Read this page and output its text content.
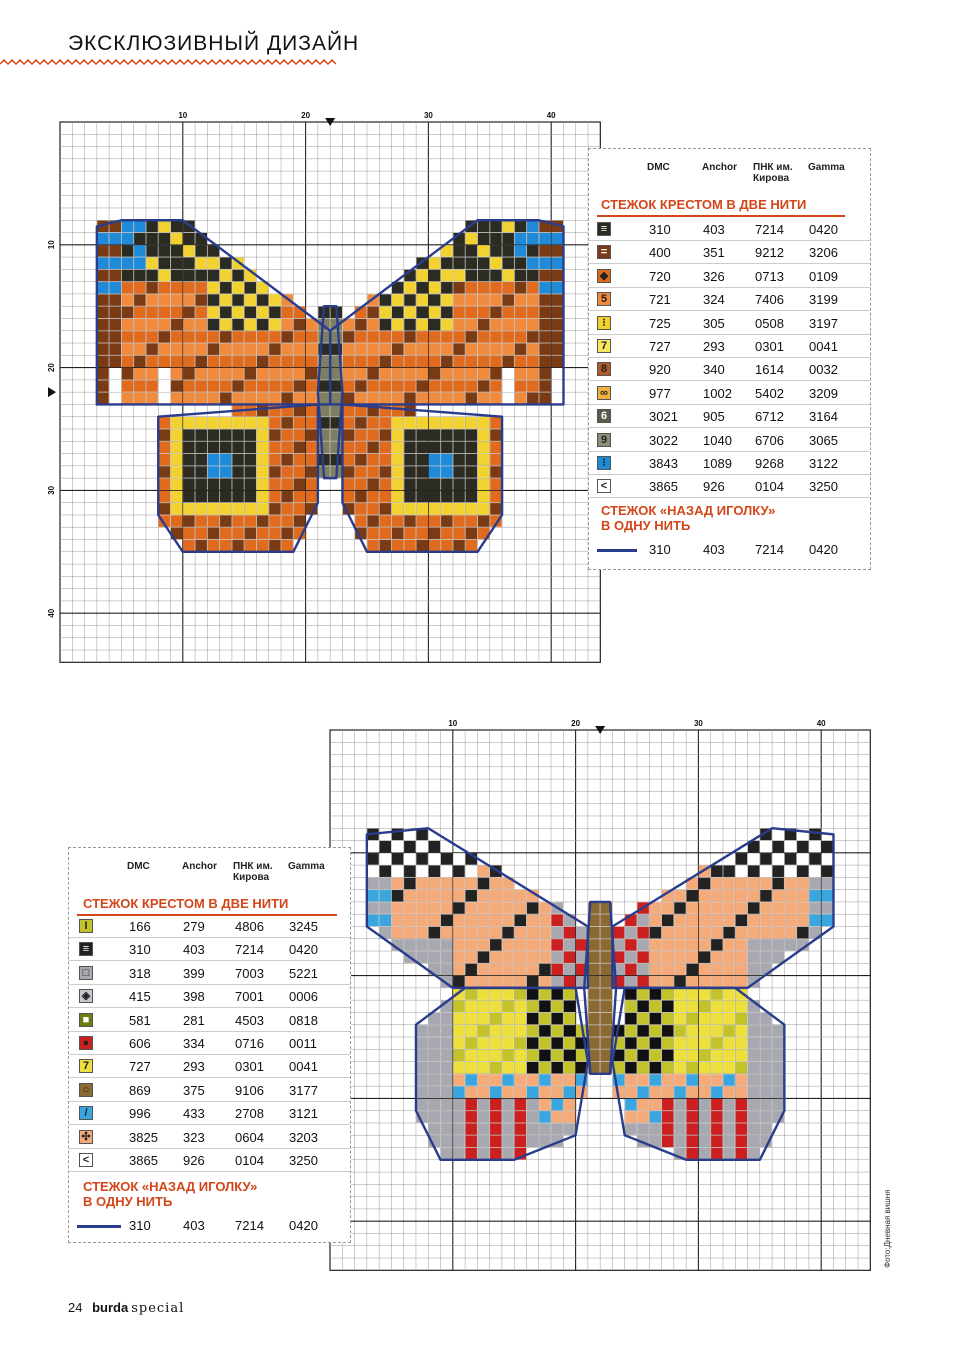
ЭКСКЛЮЗИВНЫЙ ДИЗАЙН
10	20	30	40
10
20
30
40
DMC	Anchor ПНК им.
Кирова
Gamma
СТЕЖОК КРЕСТОМ В ДВЕ НИТИ
≡	310 403 7214 0420
=	400 351 9212 3206
◆	720 326 0713 0109
5	721 324 7406 3199
⁝	725 305 0508 3197
7	727 293 0301 0041
8	920 340 1614 0032
∞	977 1002 5402 3209
6	3021 905 6712 3164
9	3022 1040 6706 3065
⁝	3843 1089 9268 3122
<	3865 926 0104 3250
СТЕЖОК «НАЗАД ИГОЛКУ»
В ОДНУ НИТЬ
310 403 7214 0420
10	20	30	40
DMC	Anchor ПНК им.
Кирова
Gamma
СТЕЖОК КРЕСТОМ В ДВЕ НИТИ
I	166 279 4806 3245
≡	310 403 7214 0420
□	318 399 7003 5221
◈	415 398 7001 0006
■	581 281 4503 0818
●	606 334 0716 0011
7	727 293 0301 0041
○	869 375 9106 3177
/	996 433 2708 3121
✣	3825 323 0604 3203
<	3865 926 0104 3250
СТЕЖОК «НАЗАД ИГОЛКУ»
В ОДНУ НИТЬ
310 403 7214 0420
24 burda special
Фото:Дневная вишня
